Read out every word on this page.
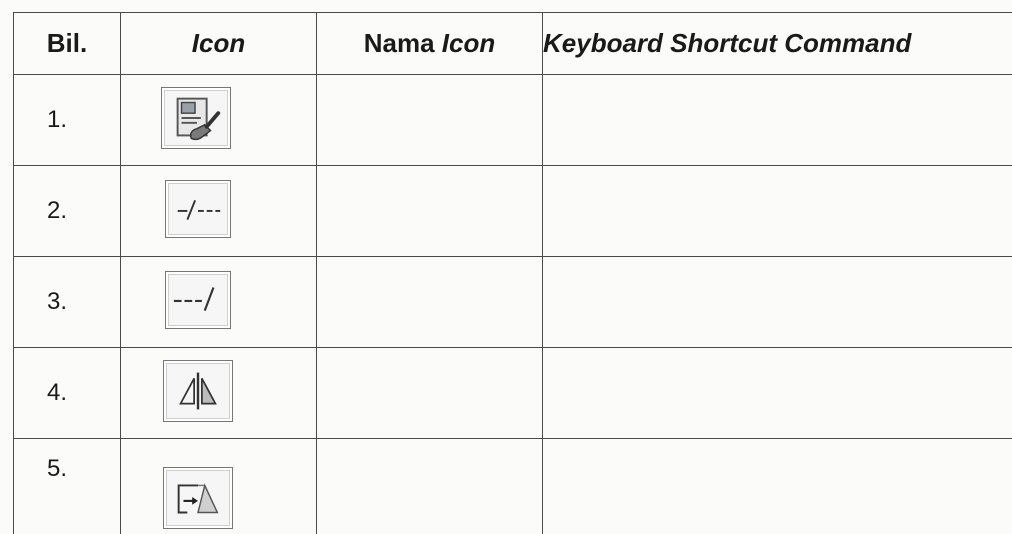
Bil.	Icon	Nama Icon	Keyboard Shortcut Command
1.	

2.	

3.	

4.	

5.	
